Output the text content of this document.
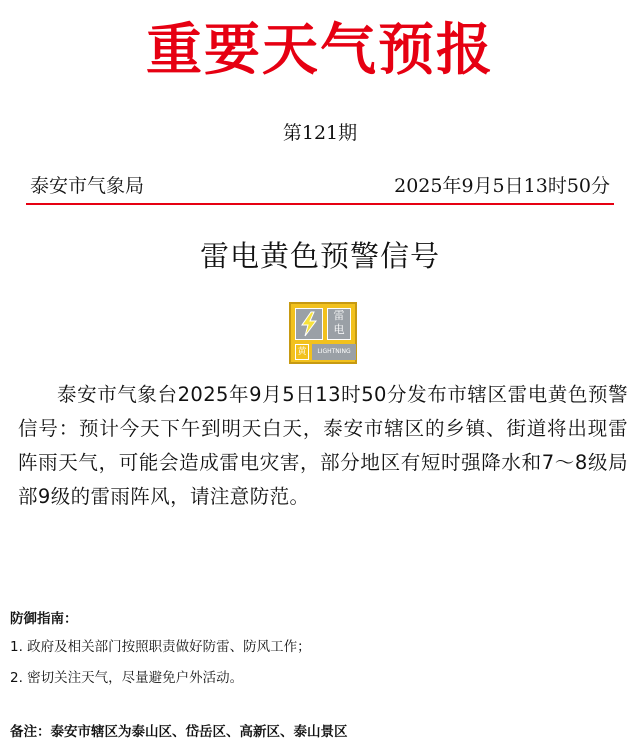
重要天气预报
第121期
泰安市气象局	2025年9月5日13时50分
雷电黄色预警信号
雷
电
黄	LIGHTNING
泰安市气象台2025年9月5日13时50分发布市辖区雷电黄色预警信号：预计今天下午到明天白天，泰安市辖区的乡镇、街道将出现雷阵雨天气，可能会造成雷电灾害，部分地区有短时强降水和7～8级局部9级的雷雨阵风，请注意防范。
防御指南：
1. 政府及相关部门按照职责做好防雷、防风工作；
2. 密切关注天气，尽量避免户外活动。
备注：泰安市辖区为泰山区、岱岳区、高新区、泰山景区
